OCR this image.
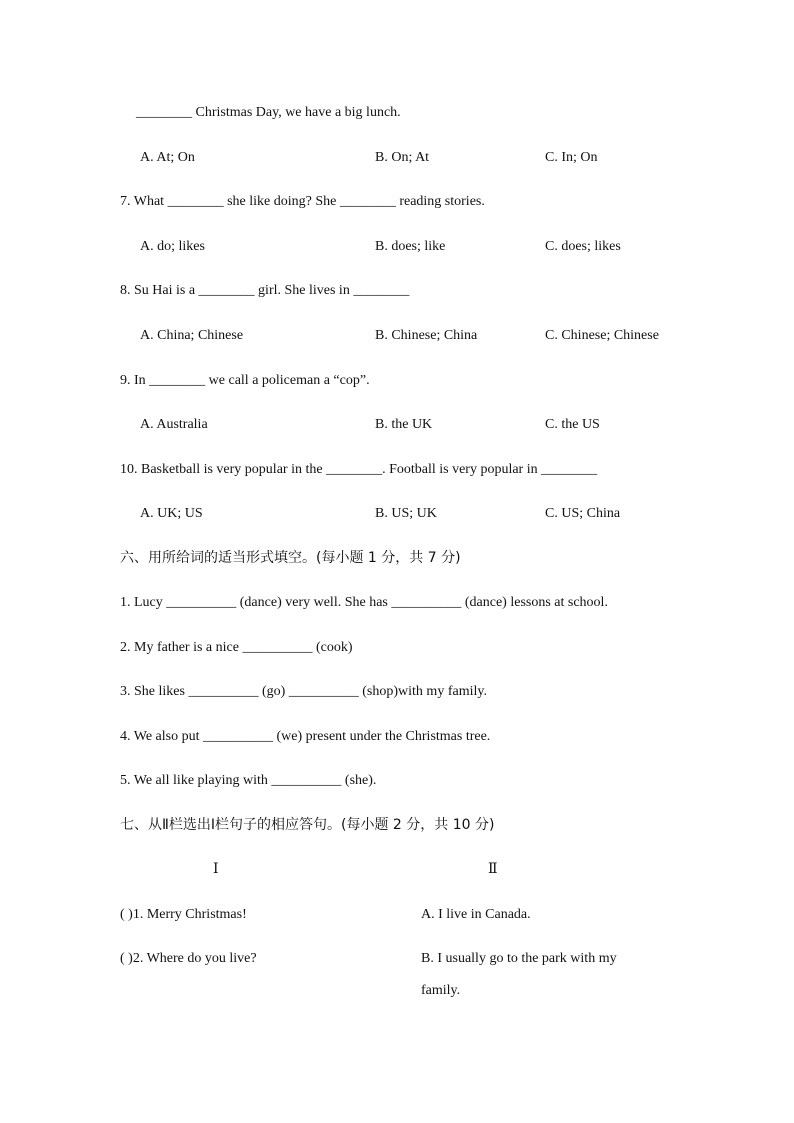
________ Christmas Day, we have a big lunch.
A. At; On	B. On; At	C. In; On
7. What ________ she like doing? She ________ reading stories.
A. do; likes	B. does; like	C. does; likes
8. Su Hai is a ________ girl. She lives in ________
A. China; Chinese	B. Chinese; China	C. Chinese; Chinese
9. In ________ we call a policeman a “cop”.
A. Australia	B. the UK	C. the US
10. Basketball is very popular in the ________. Football is very popular in ________
A. UK; US	B. US; UK	C. US; China
六、用所给词的适当形式填空。(每小题 1 分，共 7 分)
1. Lucy __________ (dance) very well. She has __________ (dance) lessons at school.
2. My father is a nice __________ (cook)
3. She likes __________ (go) __________ (shop)with my family.
4. We also put __________ (we) present under the Christmas tree.
5. We all like playing with __________ (she).
七、从Ⅱ栏选出Ⅰ栏句子的相应答句。(每小题 2 分，共 10 分)
Ⅰ	Ⅱ
( )1. Merry Christmas!	A. I live in Canada.
( )2. Where do you live?	B. I usually go to the park with my
family.
